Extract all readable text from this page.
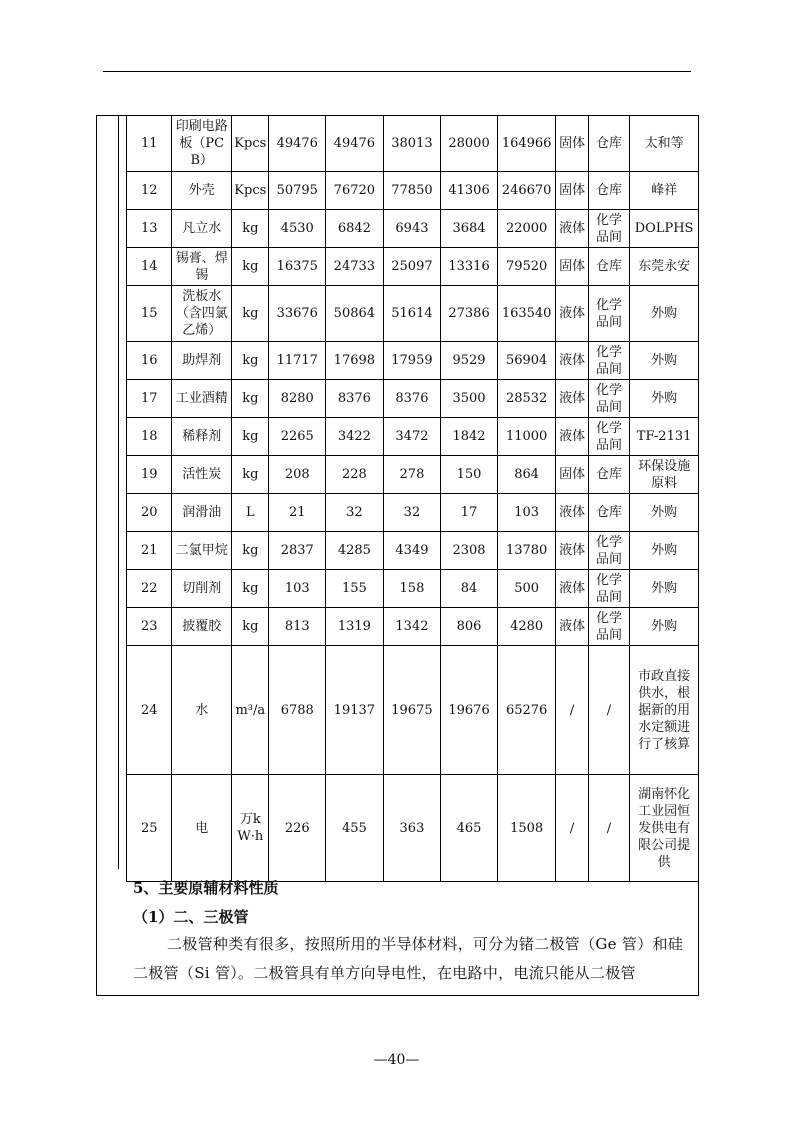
11	印刷电路板（PCB）	Kpcs	49476	49476	38013	28000	164966	固体	仓库	太和等
12	外壳	Kpcs	50795	76720	77850	41306	246670	固体	仓库	峰祥
13	凡立水	kg	4530	6842	6943	3684	22000	液体	化学品间	DOLPHS
14	锡膏、焊锡	kg	16375	24733	25097	13316	79520	固体	仓库	东莞永安
15	洗板水（含四氯乙烯）	kg	33676	50864	51614	27386	163540	液体	化学品间	外购
16	助焊剂	kg	11717	17698	17959	9529	56904	液体	化学品间	外购
17	工业酒精	kg	8280	8376	8376	3500	28532	液体	化学品间	外购
18	稀释剂	kg	2265	3422	3472	1842	11000	液体	化学品间	TF-2131
19	活性炭	kg	208	228	278	150	864	固体	仓库	环保设施原料
20	润滑油	L	21	32	32	17	103	液体	仓库	外购
21	二氯甲烷	kg	2837	4285	4349	2308	13780	液体	化学品间	外购
22	切削剂	kg	103	155	158	84	500	液体	化学品间	外购
23	披覆胶	kg	813	1319	1342	806	4280	液体	化学品间	外购
24	水	m³/a	6788	19137	19675	19676	65276	/	/	市政直接供水，根据新的用水定额进行了核算
25	电	万kW·h	226	455	363	465	1508	/	/	湖南怀化工业园恒发供电有限公司提供
5、主要原辅材料性质
（1）二、三极管
二极管种类有很多，按照所用的半导体材料，可分为锗二极管（Ge 管）和硅二极管（Si 管）。二极管具有单方向导电性，在电路中，电流只能从二极管
—40—
